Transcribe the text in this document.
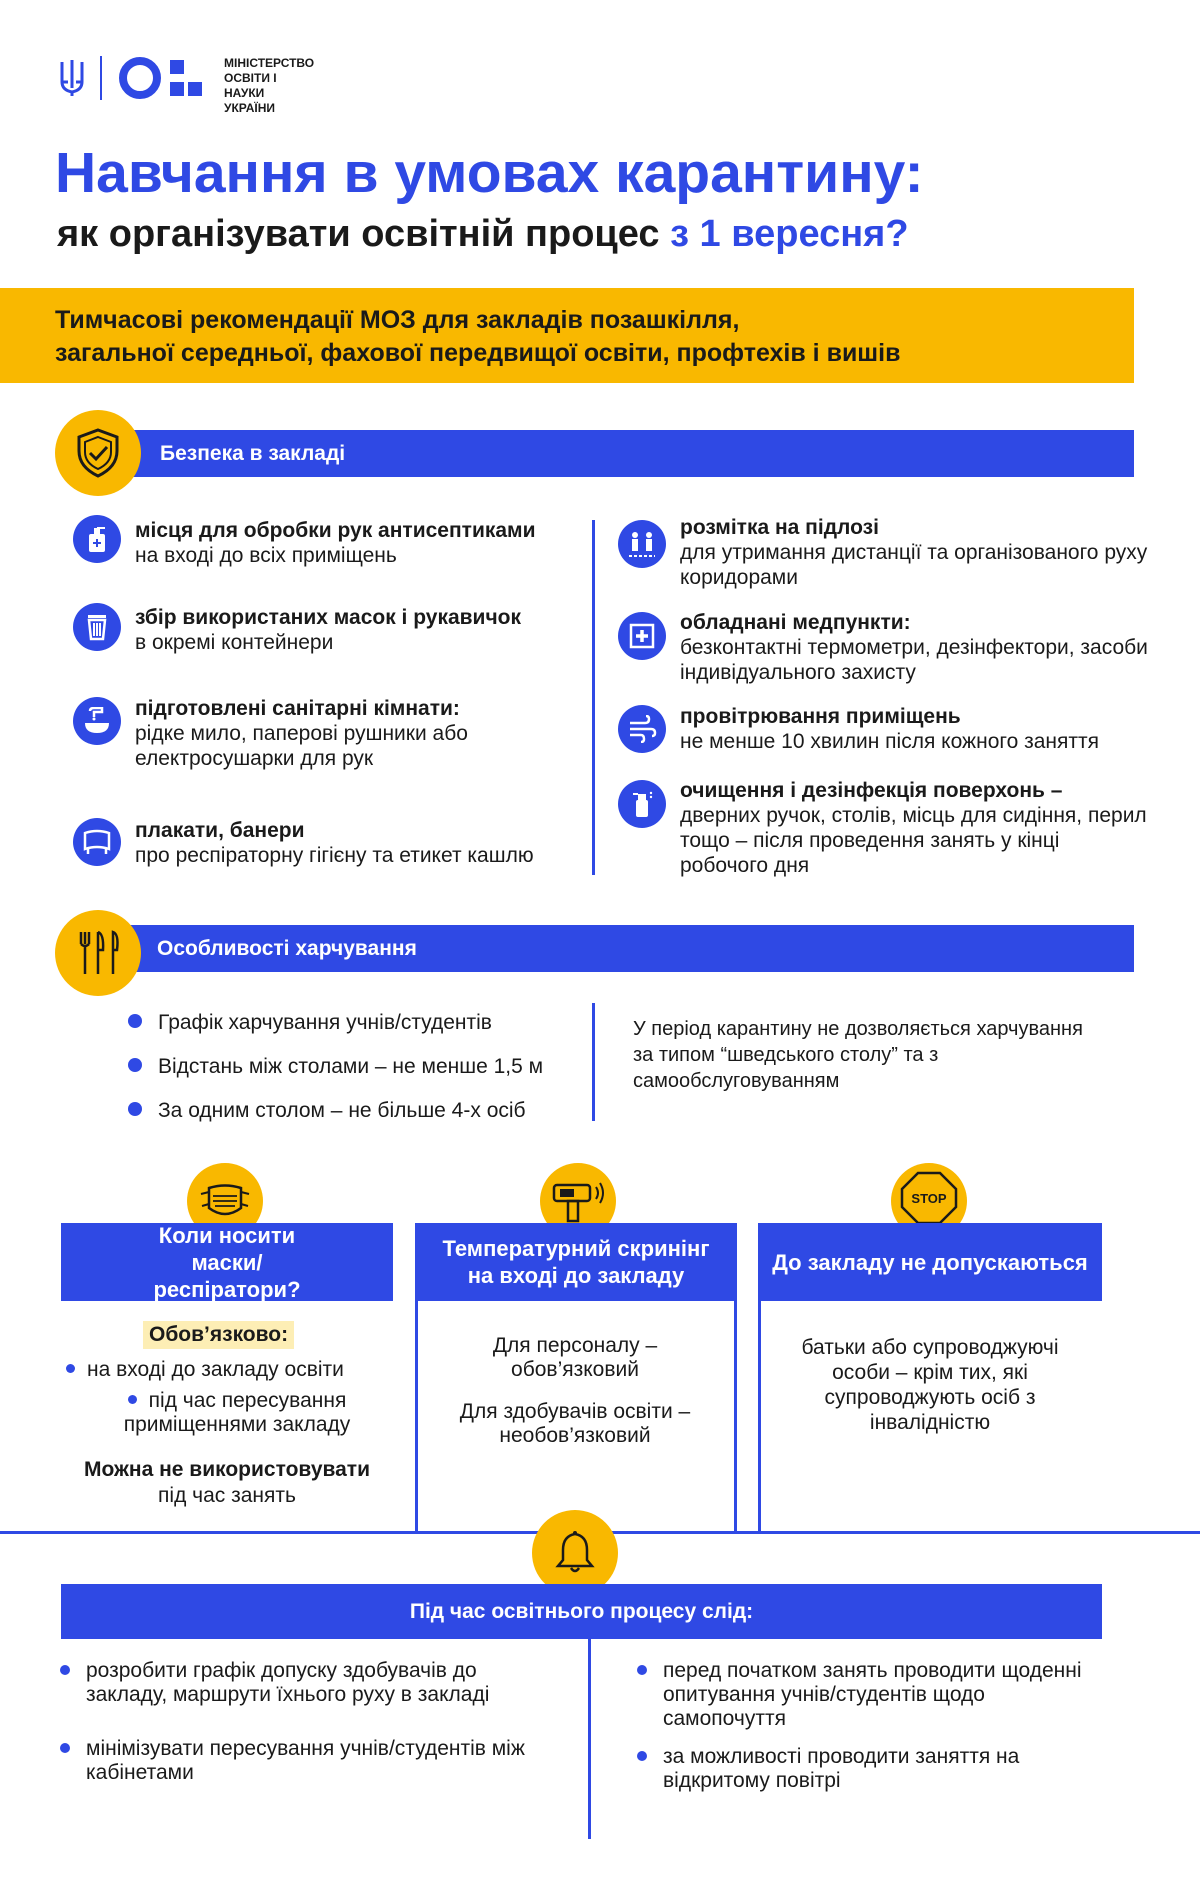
МІНІСТЕРСТВО
ОСВІТИ І НАУКИ
УКРАЇНИ
Навчання в умовах карантину:
як організувати освітній процес з 1 вересня?
Тимчасові рекомендації МОЗ для закладів позашкілля,
загальної середньої, фахової передвищої освіти, профтехів і вишів
Безпека в закладі
місця для обробки рук антисептиками
на вході до всіх приміщень
збір використаних масок і рукавичок
в окремі контейнери
підготовлені санітарні кімнати:
рідке мило, паперові рушники або електросушарки для рук
плакати, банери
про респіраторну гігієну та етикет кашлю
розмітка на підлозі
для утримання дистанції та організованого руху коридорами
обладнані медпункти:
безконтактні термометри, дезінфектори, засоби індивідуального захисту
провітрювання приміщень
не менше 10 хвилин після кожного заняття
очищення і дезінфекція поверхонь –
дверних ручок, столів, місць для сидіння, перил тощо – після проведення занять у кінці робочого дня
Особливості харчування
Графік харчування учнів/студентів
Відстань між столами – не менше 1,5 м
За одним столом – не більше 4-х осіб
У період карантину не дозволяється харчування за типом “шведського столу” та з самообслуговуванням
STOP
Коли носити маски/респіратори?
Температурний скринінг на вході до закладу
До закладу не допускаються
Обов’язково:
на вході до закладу освіти
під час пересування приміщеннями закладу
Можна не використовувати
під час занять
Для персоналу – обов’язковий
Для здобувачів освіти – необов’язковий
батьки або супроводжуючі особи – крім тих, які супроводжують осіб з інвалідністю
Під час освітнього процесу слід:
розробити графік допуску здобувачів до закладу, маршрути їхнього руху в закладі
мінімізувати пересування учнів/студентів між кабінетами
перед початком занять проводити щоденні опитування учнів/студентів щодо самопочуття
за можливості проводити заняття на відкритому повітрі
